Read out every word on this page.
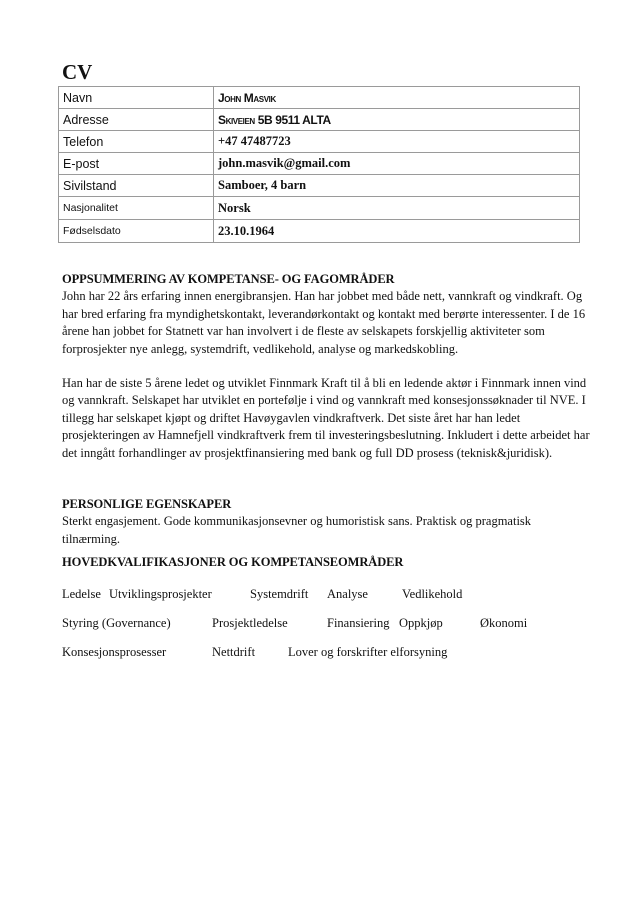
CV
Navn	John Masvik
Adresse	Skiveien 5B 9511 ALTA
Telefon	+47 47487723
E-post	john.masvik@gmail.com
Sivilstand	Samboer, 4 barn
Nasjonalitet	Norsk
Fødselsdato	23.10.1964
OPPSUMMERING AV KOMPETANSE- OG FAGOMRÅDER

John har 22 års erfaring innen energibransjen. Han har jobbet med både nett, vannkraft og vindkraft. Og har bred erfaring fra myndighetskontakt, leverandørkontakt og kontakt med berørte interessenter. I de 16 årene han jobbet for Statnett var han involvert i de fleste av selskapets forskjellig aktiviteter som forprosjekter nye anlegg, systemdrift, vedlikehold, analyse og markedskobling.

Han har de siste 5 årene ledet og utviklet Finnmark Kraft til å bli en ledende aktør i Finnmark innen vind og vannkraft. Selskapet har utviklet en portefølje i vind og vannkraft med konsesjonssøknader til NVE. I tillegg har selskapet kjøpt og driftet Havøygavlen vindkraftverk. Det siste året har han ledet prosjekteringen av Hamnefjell vindkraftverk frem til investeringsbeslutning. Inkludert i dette arbeidet har det inngått forhandlinger av prosjektfinansiering med bank og full DD prosess (teknisk&juridisk).

PERSONLIGE EGENSKAPER

Sterkt engasjement. Gode kommunikasjonsevner og humoristisk sans. Praktisk og pragmatisk tilnærming.

HOVEDKVALIFIKASJONER OG KOMPETANSEOMRÅDER
Ledelse Utviklingsprosjekter	Systemdrift Analyse	Vedlikehold
Styring (Governance)	Prosjektledelse	Finansiering Oppkjøp	Økonomi
Konsesjonsprosesser	Nettdrift	Lover og forskrifter elforsyning
